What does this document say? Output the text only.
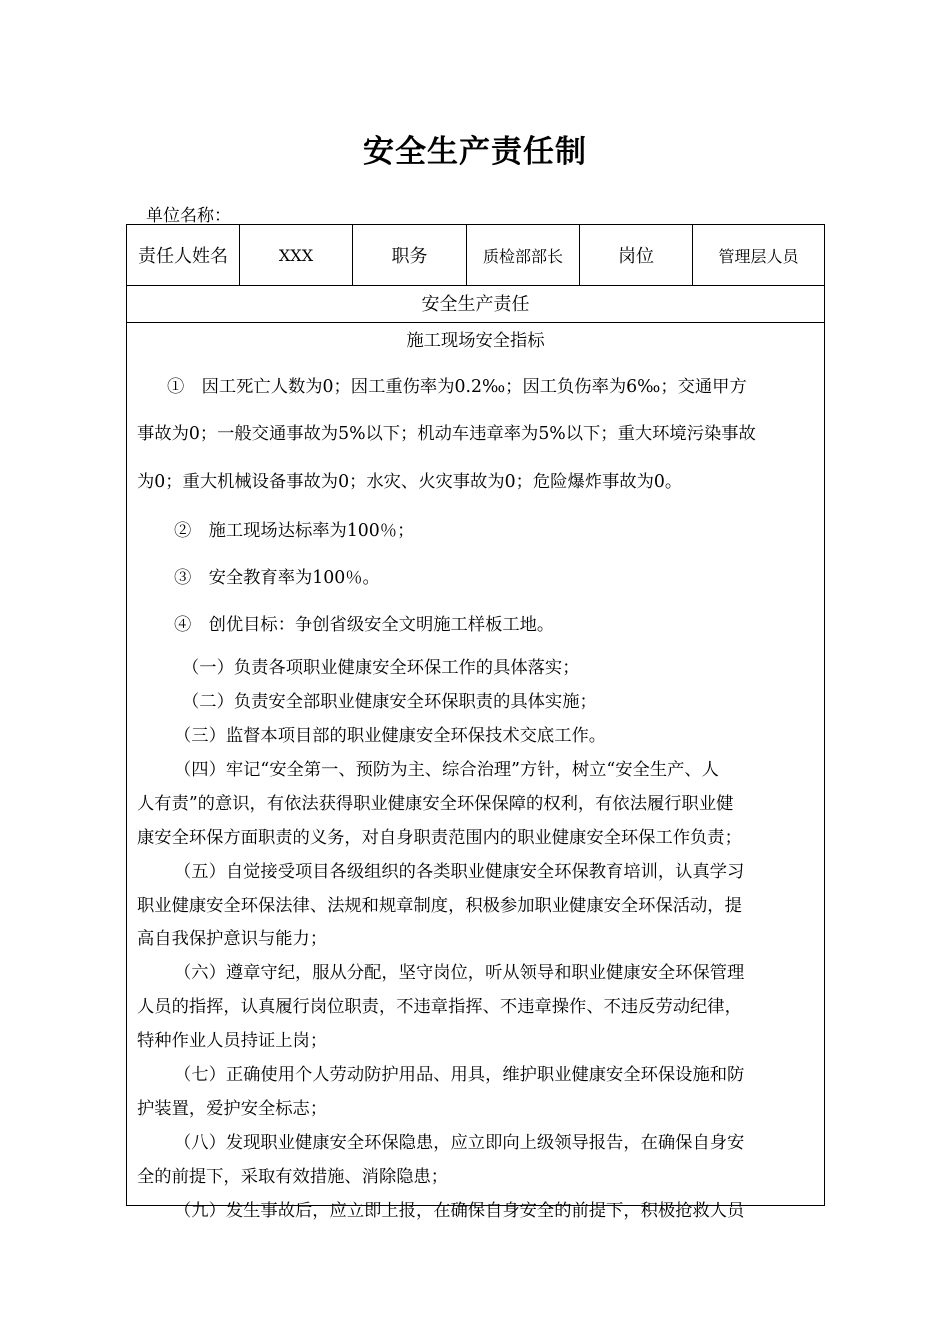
安全生产责任制
单位名称：
责任人姓名	XXX	职务	质检部部长	岗位	管理层人员
安全生产责任
施工现场安全指标
①　因工死亡人数为0；因工重伤率为0.2‰；因工负伤率为6‰；交通甲方
事故为0；一般交通事故为5%以下；机动车违章率为5%以下；重大环境污染事故
为0；重大机械设备事故为0；水灾、火灾事故为0；危险爆炸事故为0。
②　施工现场达标率为100％；
③　安全教育率为100％。
④　创优目标：争创省级安全文明施工样板工地。
（一）负责各项职业健康安全环保工作的具体落实；
（二）负责安全部职业健康安全环保职责的具体实施；
（三）监督本项目部的职业健康安全环保技术交底工作。
（四）牢记“安全第一、预防为主、综合治理”方针，树立“安全生产、人
人有责”的意识，有依法获得职业健康安全环保保障的权利，有依法履行职业健
康安全环保方面职责的义务，对自身职责范围内的职业健康安全环保工作负责；
（五）自觉接受项目各级组织的各类职业健康安全环保教育培训，认真学习
职业健康安全环保法律、法规和规章制度，积极参加职业健康安全环保活动，提
高自我保护意识与能力；
（六）遵章守纪，服从分配，坚守岗位，听从领导和职业健康安全环保管理
人员的指挥，认真履行岗位职责，不违章指挥、不违章操作、不违反劳动纪律，
特种作业人员持证上岗；
（七）正确使用个人劳动防护用品、用具，维护职业健康安全环保设施和防
护装置，爱护安全标志；
（八）发现职业健康安全环保隐患，应立即向上级领导报告，在确保自身安
全的前提下，采取有效措施、消除隐患；
（九）发生事故后，应立即上报，在确保自身安全的前提下，积极抢救人员
